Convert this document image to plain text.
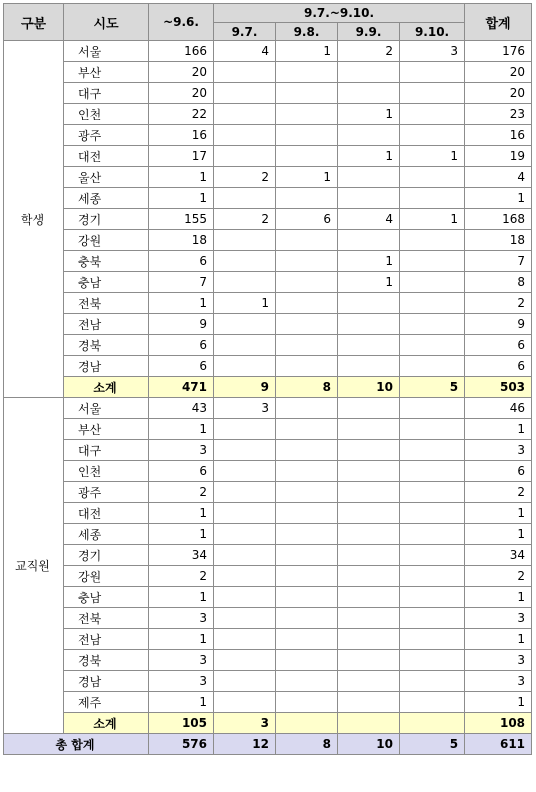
구분	시도	~9.6.	9.7.~9.10.				합계
			9.7.	9.8.	9.9.	9.10.	
학생	서울	166	4	1	2	3	176
	부산	20					20
	대구	20					20
	인천	22			1		23
	광주	16					16
	대전	17			1	1	19
	울산	1	2	1			4
	세종	1					1
	경기	155	2	6	4	1	168
	강원	18					18
	충북	6			1		7
	충남	7			1		8
	전북	1	1				2
	전남	9					9
	경북	6					6
	경남	6					6
	소계	471	9	8	10	5	503
교직원	서울	43	3				46
	부산	1					1
	대구	3					3
	인천	6					6
	광주	2					2
	대전	1					1
	세종	1					1
	경기	34					34
	강원	2					2
	충남	1					1
	전북	3					3
	전남	1					1
	경북	3					3
	경남	3					3
	제주	1					1
	소계	105	3				108
총 합계		576	12	8	10	5	611
